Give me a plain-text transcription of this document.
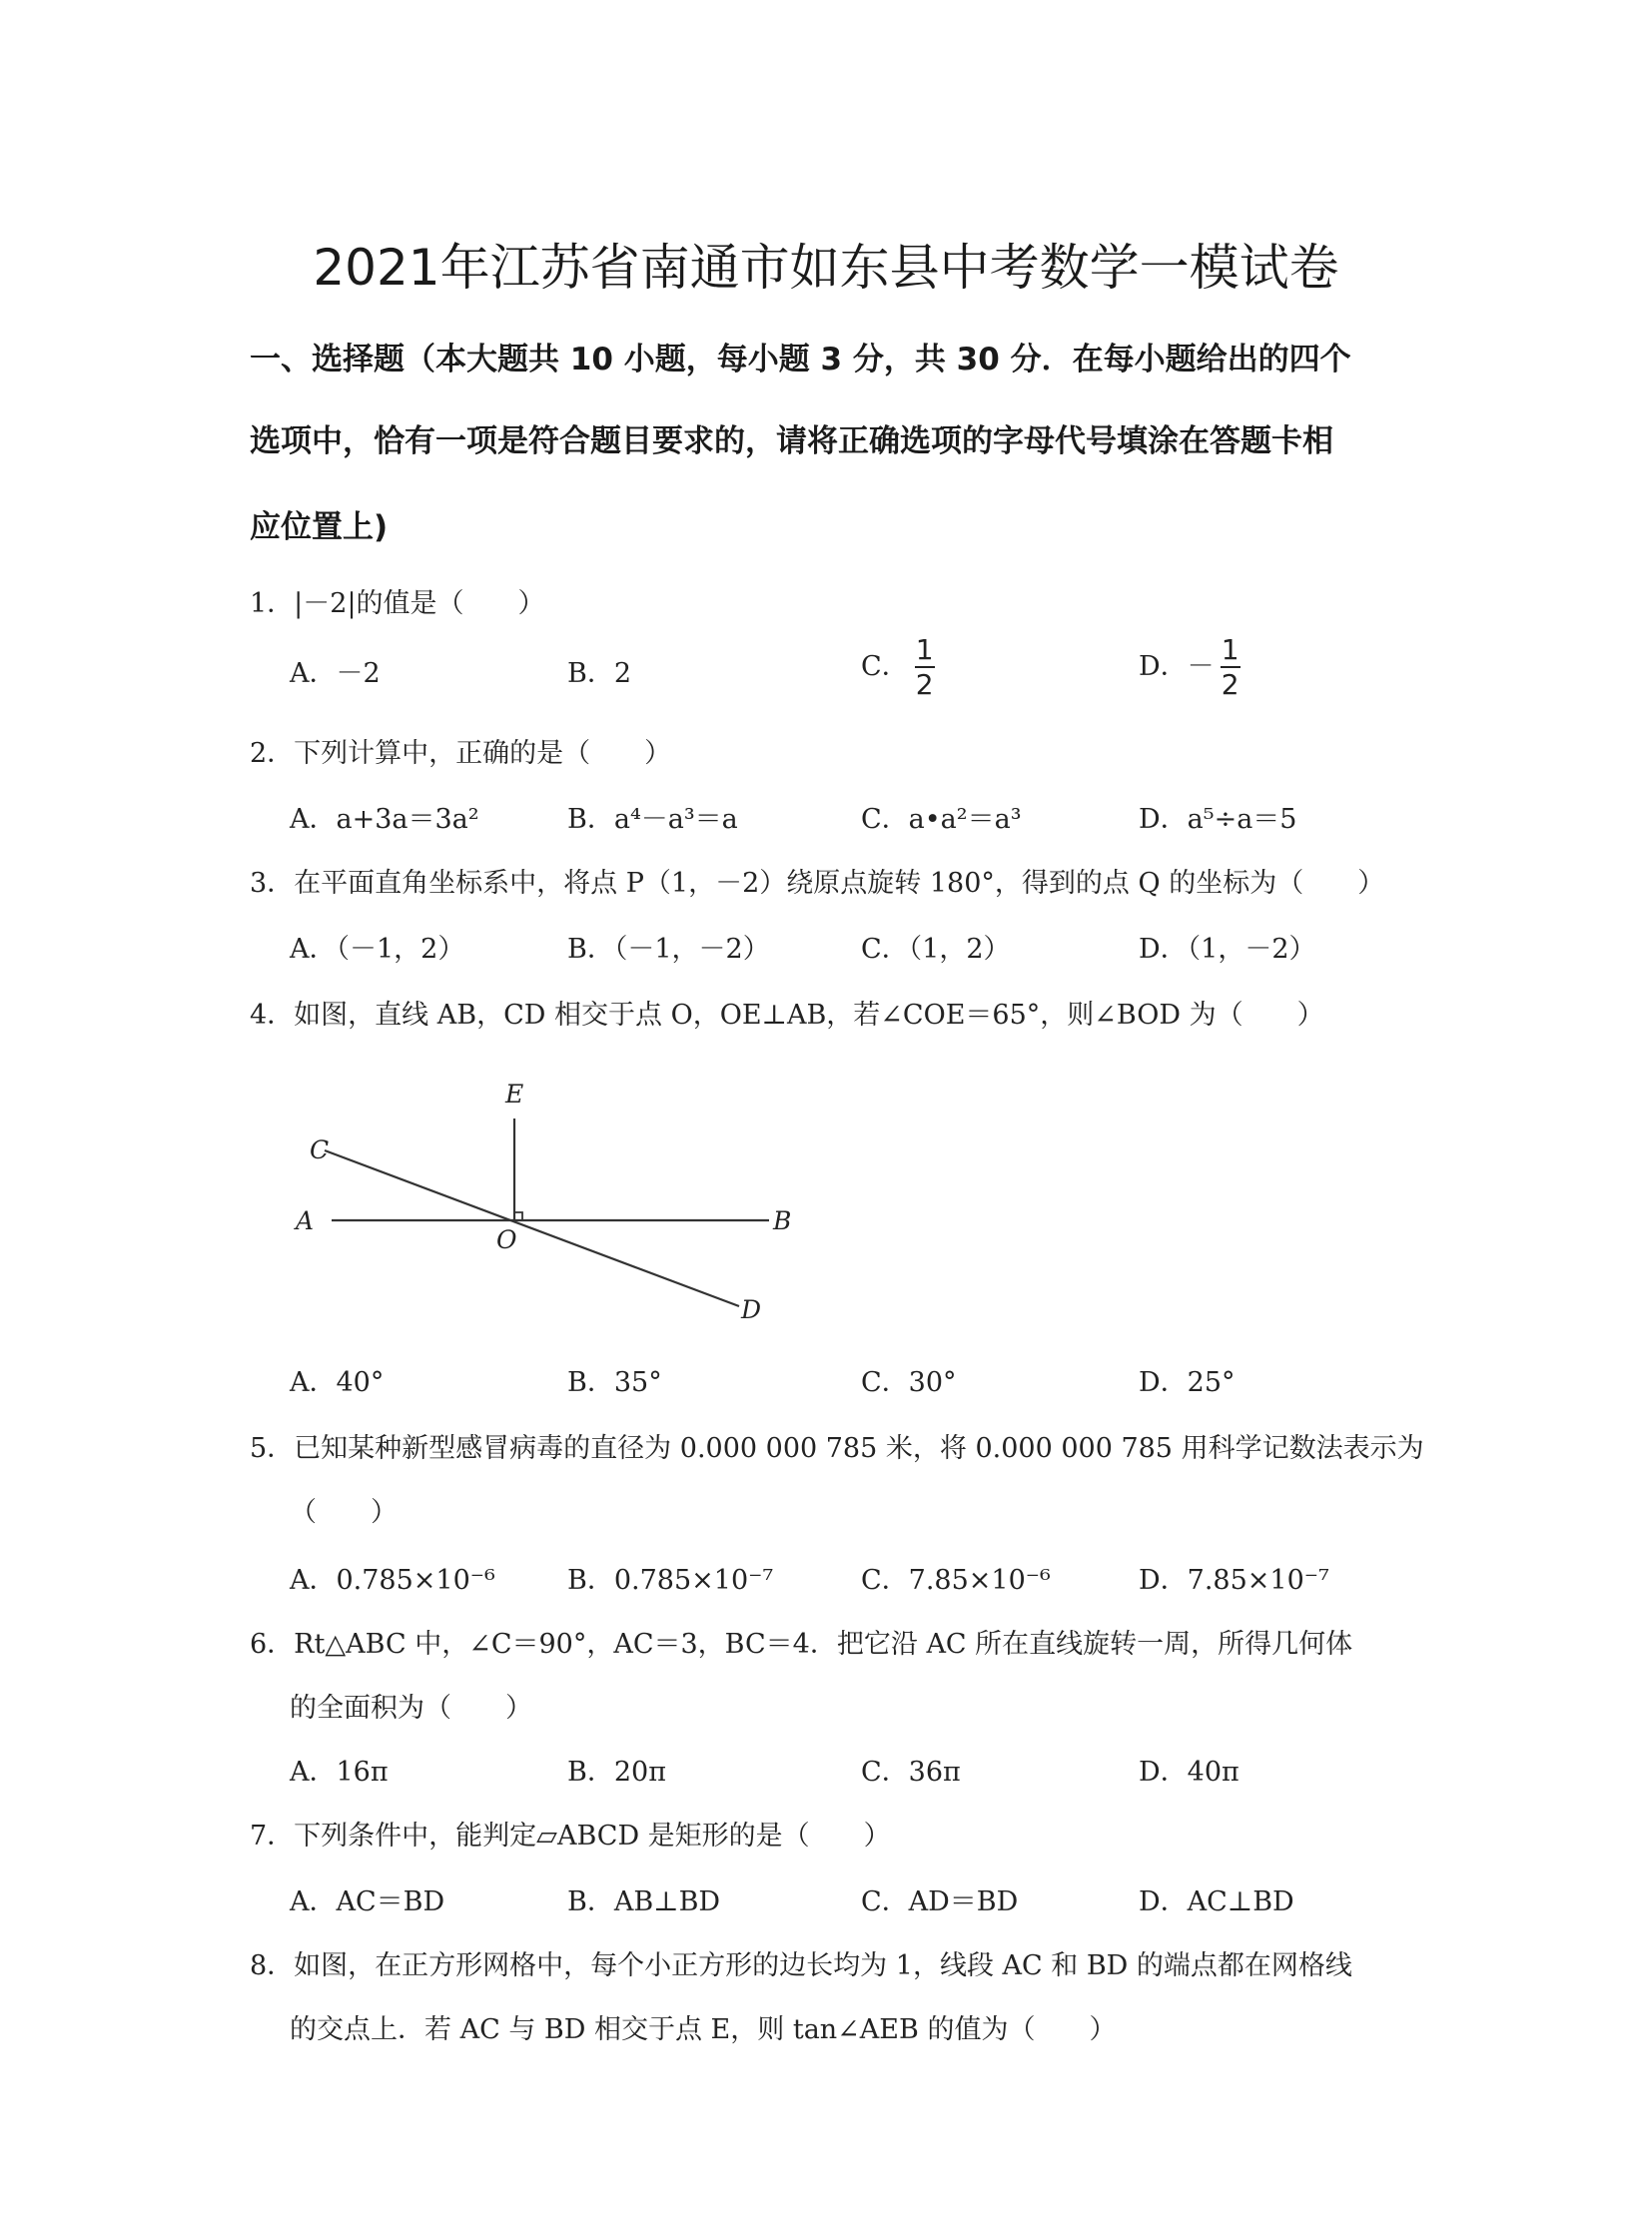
2021年江苏省南通市如东县中考数学一模试卷
一、选择题（本大题共 10 小题，每小题 3 分，共 30 分．在每小题给出的四个
选项中，恰有一项是符合题目要求的，请将正确选项的字母代号填涂在答题卡相
应位置上)
1．|－2|的值是（　　）
A．－2	B．2	C． $\frac{1}{2}$	D．－ $\frac{1}{2}$
2．下列计算中，正确的是（　　）
A．a+3a＝3a²	B．a⁴－a³＝a	C．a•a²＝a³	D．a⁵÷a＝5
3．在平面直角坐标系中，将点 P（1，－2）绕原点旋转 180°，得到的点 Q 的坐标为（　　）
A．（－1，2）	B．（－1，－2）	C．（1，2）	D．（1，－2）
4．如图，直线 AB，CD 相交于点 O，OE⊥AB，若∠COE＝65°，则∠BOD 为（　　）
E
C
A	B
O
D
A．40°	B．35°	C．30°	D．25°
5．已知某种新型感冒病毒的直径为 0.000 000 785 米，将 0.000 000 785 用科学记数法表示为
（　　）
A．0.785×10⁻⁶	B．0.785×10⁻⁷	C．7.85×10⁻⁶	D．7.85×10⁻⁷
6．Rt△ABC 中，∠C＝90°，AC＝3，BC＝4．把它沿 AC 所在直线旋转一周，所得几何体
的全面积为（　　）
A．16π	B．20π	C．36π	D．40π
7．下列条件中，能判定▱ABCD 是矩形的是（　　）
A．AC＝BD	B．AB⊥BD	C．AD＝BD	D．AC⊥BD
8．如图，在正方形网格中，每个小正方形的边长均为 1，线段 AC 和 BD 的端点都在网格线
的交点上．若 AC 与 BD 相交于点 E，则 tan∠AEB 的值为（　　）
